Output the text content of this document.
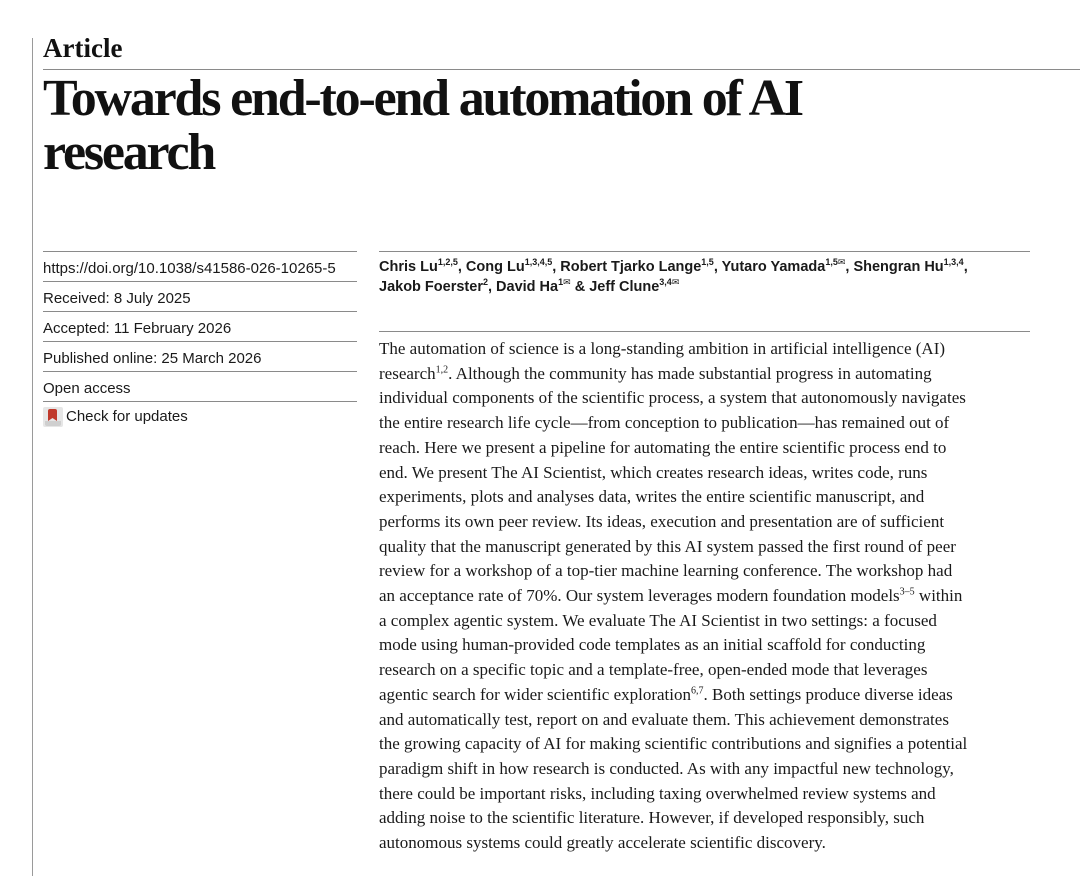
Article
Towards end-to-end automation of AI
research
https://doi.org/10.1038/s41586-026-10265-5
Received: 8 July 2025
Accepted: 11 February 2026
Published online: 25 March 2026
Open access
Check for updates
Chris Lu$^{1,2,5}$, Cong Lu$^{1,3,4,5}$, Robert Tjarko Lange$^{1,5}$, Yutaro Yamada$^{1,5✉}$, Shengran Hu$^{1,3,4}$,
Jakob Foerster$^2$, David $Ha^{1✉}$ & Jeff Clune$^{3,4✉}$
The automation of science is a long-standing ambition in artificial intelligence (AI)
research$^{1,2}$. Although the community has made substantial progress in automating
individual components of the scientific process, a system that autonomously navigates
the entire research life cycle—from conception to publication—has remained out of
reach. Here we present a pipeline for automating the entire scientific process end to
end. We present The AI Scientist, which creates research ideas, writes code, runs
experiments, plots and analyses data, writes the entire scientific manuscript, and
performs its own peer review. Its ideas, execution and presentation are of sufficient
quality that the manuscript generated by this AI system passed the first round of peer
review for a workshop of a top-tier machine learning conference. The workshop had
an acceptance rate of 70%. Our system leverages modern foundation models$^{3-5}$ within
a complex agentic system. We evaluate The AI Scientist in two settings: a focused
mode using human-provided code templates as an initial scaffold for conducting
research on a specific topic and a template-free, open-ended mode that leverages
agentic search for wider scientific exploration$^{6,7}$. Both settings produce diverse ideas
and automatically test, report on and evaluate them. This achievement demonstrates
the growing capacity of AI for making scientific contributions and signifies a potential
paradigm shift in how research is conducted. As with any impactful new technology,
there could be important risks, including taxing overwhelmed review systems and
adding noise to the scientific literature. However, if developed responsibly, such
autonomous systems could greatly accelerate scientific discovery.
